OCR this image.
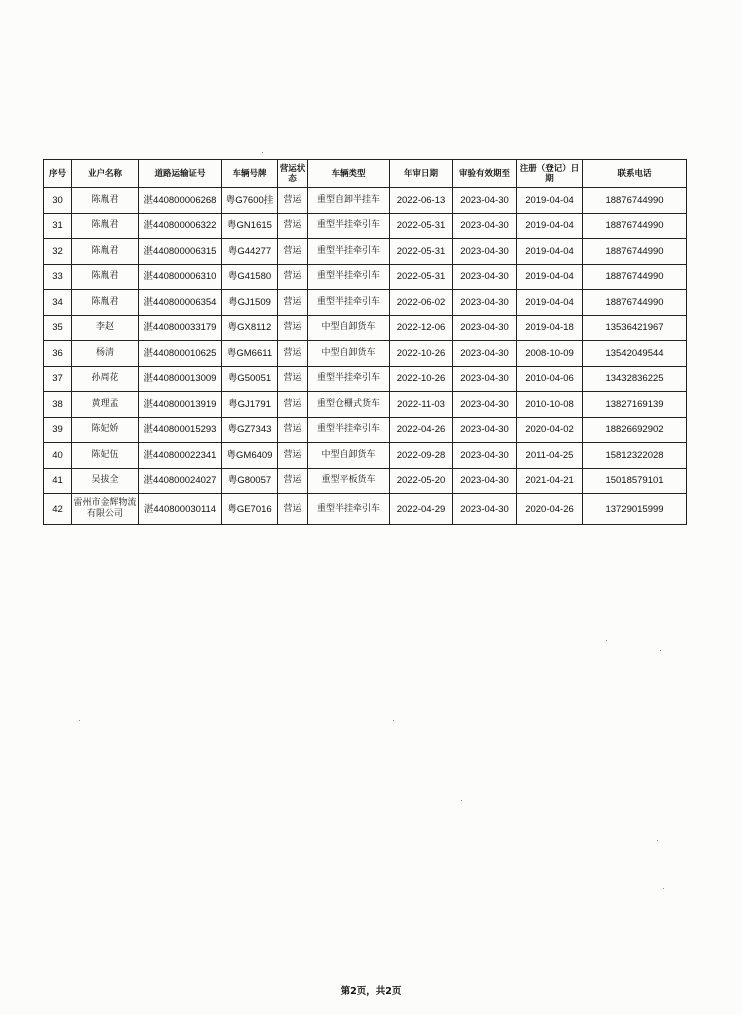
序号	业户名称	道路运输证号	车辆号牌	营运状态	车辆类型	年审日期	审验有效期至	注册（登记）日期	联系电话
30	陈胤君	湛440800006268	粤G7600挂	营运	重型自卸半挂车	2022-06-13	2023-04-30	2019-04-04	18876744990
31	陈胤君	湛440800006322	粤GN1615	营运	重型半挂牵引车	2022-05-31	2023-04-30	2019-04-04	18876744990
32	陈胤君	湛440800006315	粤G44277	营运	重型半挂牵引车	2022-05-31	2023-04-30	2019-04-04	18876744990
33	陈胤君	湛440800006310	粤G41580	营运	重型半挂牵引车	2022-05-31	2023-04-30	2019-04-04	18876744990
34	陈胤君	湛440800006354	粤GJ1509	营运	重型半挂牵引车	2022-06-02	2023-04-30	2019-04-04	18876744990
35	李赵	湛440800033179	粤GX8112	营运	中型自卸货车	2022-12-06	2023-04-30	2019-04-18	13536421967
36	杨清	湛440800010625	粤GM6611	营运	中型自卸货车	2022-10-26	2023-04-30	2008-10-09	13542049544
37	孙周花	湛440800013009	粤G50051	营运	重型半挂牵引车	2022-10-26	2023-04-30	2010-04-06	13432836225
38	黄理孟	湛440800013919	粤GJ1791	营运	重型仓栅式货车	2022-11-03	2023-04-30	2010-10-08	13827169139
39	陈妃娇	湛440800015293	粤GZ7343	营运	重型半挂牵引车	2022-04-26	2023-04-30	2020-04-02	18826692902
40	陈妃伍	湛440800022341	粤GM6409	营运	中型自卸货车	2022-09-28	2023-04-30	2011-04-25	15812322028
41	吴拔全	湛440800024027	粤G80057	营运	重型平板货车	2022-05-20	2023-04-30	2021-04-21	15018579101
42	雷州市金辉物流有限公司	湛440800030114	粤GE7016	营运	重型半挂牵引车	2022-04-29	2023-04-30	2020-04-26	13729015999
第2页，共2页
